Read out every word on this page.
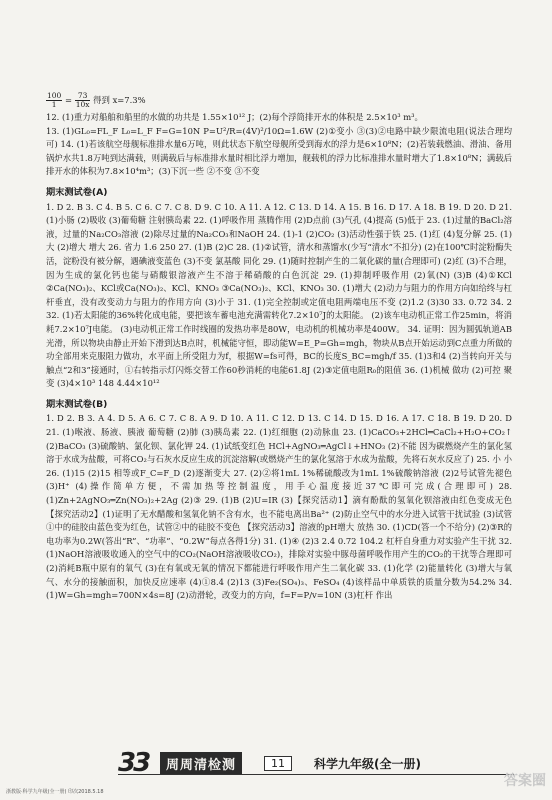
$\frac{100}{1} = \frac{73}{10x}$ 得到 x=7.3%

12. (1)重力对船舶和船里的水做的功共是 1.55×10¹² J；(2)每个浮筒排开水的体积是 2.5×10³ m³。

13. (1)GL₀=FL_F L₀=L_F F=G=10N P=U²/R=(4V)²/10Ω=1.6W (2)①变小 ③(3)②电路中缺少限流电阻(说法合理均可) 14. (1)若该航空母舰标准排水量6万吨，则此状态下航空母舰所受到海水的浮力是6×10⁸N；(2)若装载燃油、滑油、备用锅炉水共1.8万吨到达满载，则满载后与标准排水量时相比浮力增加，舰载机的浮力比标准排水量时增大了1.8×10⁸N；满载后排开水的体积为7.8×10⁴m³；(3)下沉一些 ②不变 ③不变

期末测试卷(A)

1. D 2. B 3. C 4. B 5. C 6. C 7. C 8. D 9. C 10. A 11. A 12. C 13. D 14. A 15. B 16. D 17. A 18. B 19. D 20. D 21. (1)小肠 (2)吸收 (3)葡萄糖 注射胰岛素 22. (1)呼吸作用 蒸腾作用 (2)D点前 (3)气孔 (4)提高 (5)低于 23. (1)过量的BaCl₂溶液，过量的Na₂CO₃溶液 (2)除尽过量的Na₂CO₃和NaOH 24. (1)-1 (2)CO₂ (3)活动性强于铁 25. (1)红 (4)复分解 25. (1)大 (2)增大 增大 26. 省力 1.6 250 27. (1)B (2)C 28. (1)②试管，清水和蒸馏水(少写“清水”不扣分) (2)在100℃时淀粉酶失活，淀粉没有被分解，遇碘液变蓝色 (3)不变 氯基酸 同化 29. (1)随时控制产生的二氧化碳的量(合理即可) (2)红 (3)不合理，因为生成的氯化钙也能与硝酸银溶液产生不溶于稀硝酸的白色沉淀 29. (1)抑制呼吸作用 (2)氧(N) (3)B (4)①KCl ②Ca(NO₃)₂、KCl或Ca(NO₃)₂、KCl、KNO₃ ③Ca(NO₃)₂、KCl、KNO₃ 30. (1)增大 (2)动力与阻力的作用方向如给终与杠杆垂直，没有改变动力与阻力的作用方向 (3)小于 31. (1)完全控制或定值电阻两端电压不变 (2)1.2 (3)30 33. 0.72 34. 2 32. (1)若太阳能的36%转化成电能，要把该车蓄电池充满需转化7.2×10⁷J的太阳能。 (2)该车电动机正常工作25min，将消耗7.2×10⁷J电能。 (3)电动机正常工作时线圈的发热功率是80W，电动机的机械功率是400W。 34. 证明：因为圆弧轨道AB光滑，所以物块由静止开始下滑到达B点时，机械能守恒，即动能W=E_P=Gh=mgh，物块从B点开始运动到C点重力所做的功全部用来克服阻力做功，水平面上所受阻力为f，根据W=fs可得，BC的长度S_BC=mgh/f 35. (1)3和4 (2)当转向开关与触点“2和3”接通时，①右转指示灯闪烁交替工作60秒消耗的电能61.8J (2)③定值电阻R₀的阻值 36. (1)机械 做功 (2)可控 聚变 (3)4×10³ 148 4.44×10¹²

期末测试卷(B)

1. D 2. B 3. A 4. D 5. A 6. C 7. C 8. A 9. D 10. A 11. C 12. D 13. C 14. D 15. D 16. A 17. C 18. B 19. D 20. D 21. (1)喉液、肠液、胰液 葡萄糖 (2)肺 (3)胰岛素 22. (1)红细胞 (2)动脉血 23. (1)CaCO₃+2HCl═CaCl₂+H₂O+CO₂↑ (2)BaCO₃ (3)硫酸钠、氯化钡、氯化钾 24. (1)试纸变红色 HCl+AgNO₃═AgCl↓+HNO₃ (2)不能 因为碳燃烧产生的氯化氢溶于水成为盐酸，可将CO₂与石灰水反应生成的沉淀溶解(或燃烧产生的氯化氢溶于水成为盐酸，先将石灰水反应了) 25. 小 小 26. (1)15 (2)15 相等或F_C=F_D (2)逐渐变大 27. (2)②将1mL 1%稀硫酸改为1mL 1%硫酸钠溶液 (2)2号试管先褪色 (3)H⁺ (4)操作简单方便，不需加热等控制温度，用手心温度接近37℃即可完成(合理即可) 28. (1)Zn+2AgNO₃═Zn(NO₃)₂+2Ag (2)③ 29. (1)B (2)U=IR (3)【探究活动1】滴有酚酞的氢氧化钡溶液由红色变成无色 【探究活动2】(1)证明了无水醋酸和氢氧化钠不含有水，也不能电离出Ba²⁺ (2)防止空气中的水分进入试管干扰试验 (3)试管①中的硅胶由蓝色变为红色，试管②中的硅胶不变色 【探究活动3】溶液的pH增大 放热 30. (1)CD(答一个不给分) (2)③R的电功率为0.2W(答出“R”、“功率”、“0.2W”每点各得1分) 31. (1)④ (2)3 2.4 0.72 104.2 杠杆自身重力对实验产生干扰 32. (1)NaOH溶液吸收通入的空气中的CO₂(NaOH溶液吸收CO₂)，排除对实验中豚母菌呼吸作用产生的CO₂的干扰等合理即可 (2)消耗B瓶中原有的氧气 (3)在有氧或无氧的情况下都能进行呼吸作用产生二氧化碳 33. (1)化学 (2)能量转化 (3)增大与氧气、水分的接触面积，加快反应速率 (4)①8.4 (2)13 (3)Fe₂(SO₄)₃、FeSO₄ (4)该样品中单质铁的质量分数为54.2% 34. (1)W=Gh=mgh=700N×4s=8J (2)动滑轮，改变力的方向，f=F=P/v=10N (3)杠杆 作出

33	周周清检测	11	科学九年级(全一册)
浙教版·科学九年级(全一册) 印次2018.5.18
答案圈
